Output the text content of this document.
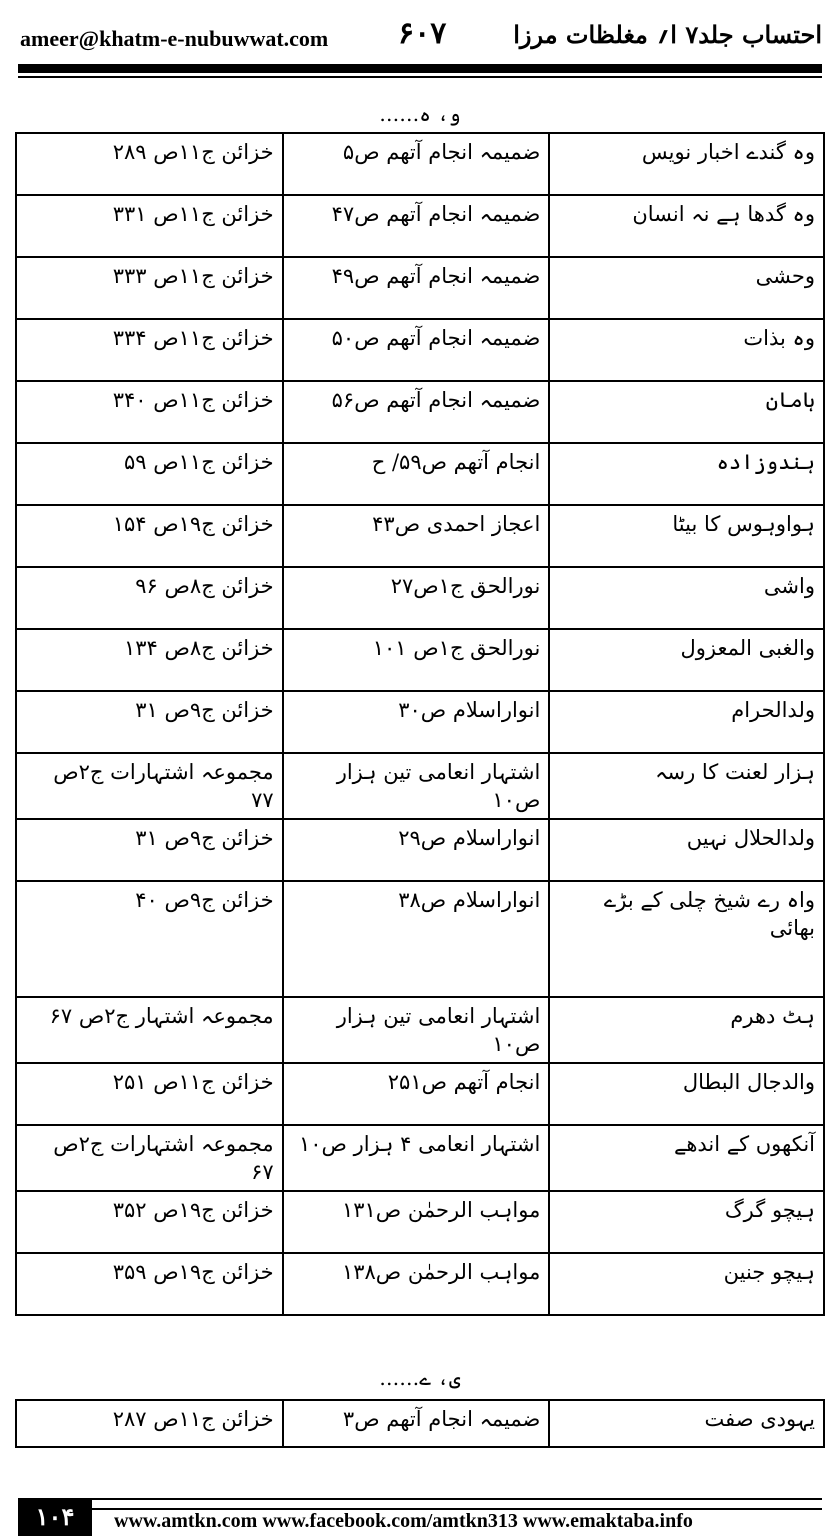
ameer@khatm-e-nubuwwat.com ۶۰۷	احتساب جلد۷ ا؍ مغلظات مرزا
و، ہ……
وہ گندے اخبار نویس	ضمیمہ انجام آتھم ص۵	خزائن ج۱۱ص ۲۸۹
وہ گدھا ہے نہ انسان	ضمیمہ انجام آتھم ص۴۷	خزائن ج۱۱ص ۳۳۱
وحشی	ضمیمہ انجام آتھم ص۴۹	خزائن ج۱۱ص ۳۳۳
وہ بذات	ضمیمہ انجام آتھم ص۵۰	خزائن ج۱۱ص ۳۳۴
ہامان	ضمیمہ انجام آتھم ص۵۶	خزائن ج۱۱ص ۳۴۰
ہندوزادہ	انجام آتھم ص۵۹/ ح	خزائن ج۱۱ص ۵۹
ہواوہوس کا بیٹا	اعجاز احمدی ص۴۳	خزائن ج۱۹ص ۱۵۴
واشی	نورالحق ج۱ص۲۷	خزائن ج۸ص ۹۶
والغبی المعزول	نورالحق ج۱ص ۱۰۱	خزائن ج۸ص ۱۳۴
ولدالحرام	انواراسلام ص۳۰	خزائن ج۹ص ۳۱
ہزار لعنت کا رسہ	اشتہار انعامی تین ہزار ص۱۰	مجموعہ اشتہارات ج۲ص ۷۷
ولدالحلال نہیں	انواراسلام ص۲۹	خزائن ج۹ص ۳۱
واہ رے شیخ چلی کے بڑے بھائی	انواراسلام ص۳۸	خزائن ج۹ص ۴۰
ہٹ دھرم	اشتہار انعامی تین ہزار ص۱۰	مجموعہ اشتہار ج۲ص ۶۷
والدجال البطال	انجام آتھم ص۲۵۱	خزائن ج۱۱ص ۲۵۱
آنکھوں کے اندھے	اشتہار انعامی ۴ ہزار ص۱۰	مجموعہ اشتہارات ج۲ص ۶۷
ہیچو گرگ	مواہب الرحمٰن ص۱۳۱	خزائن ج۱۹ص ۳۵۲
ہیچو جنین	مواہب الرحمٰن ص۱۳۸	خزائن ج۱۹ص ۳۵۹
ی، ے……
یہودی صفت	ضمیمہ انجام آتھم ص۳	خزائن ج۱۱ص ۲۸۷
۱۰۴	www.amtkn.com www.facebook.com/amtkn313 www.emaktaba.info
